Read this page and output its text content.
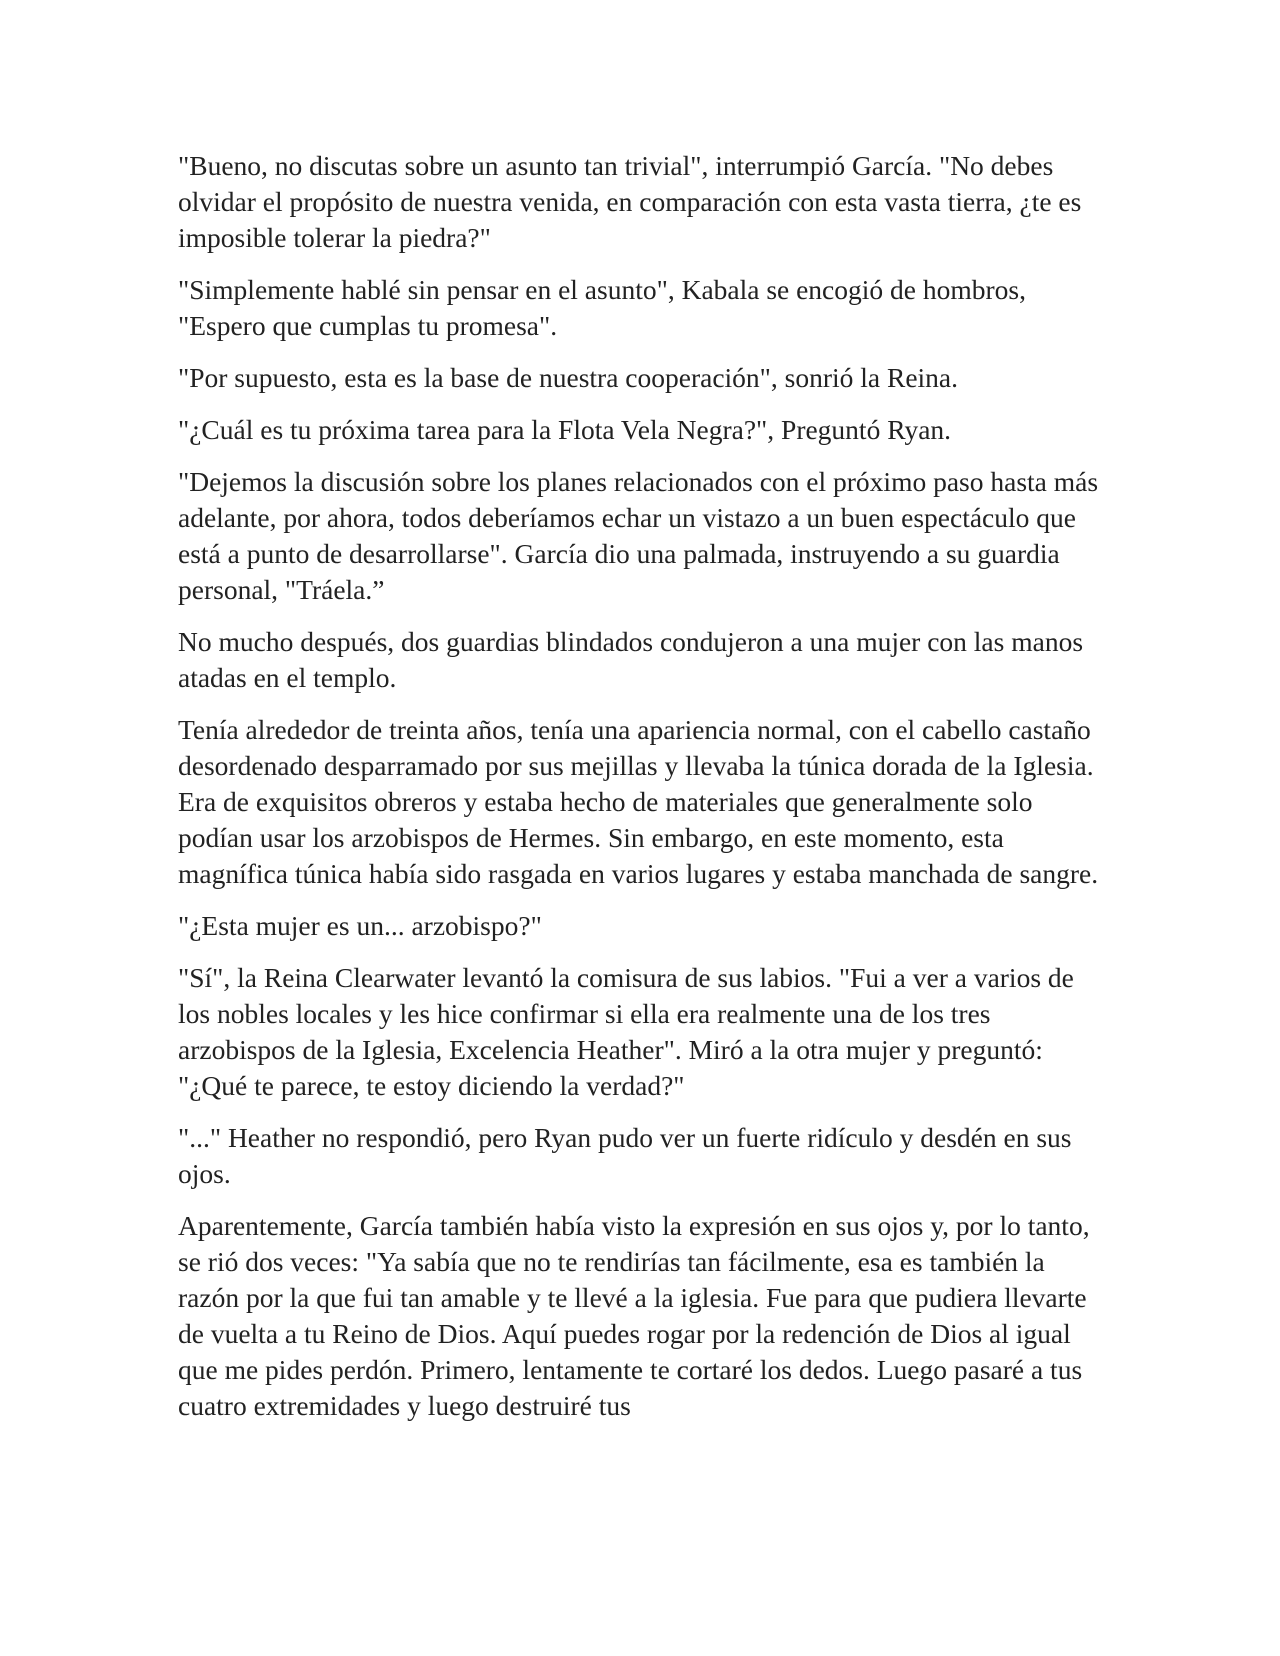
"Bueno, no discutas sobre un asunto tan trivial", interrumpió García. "No debes olvidar el propósito de nuestra venida, en comparación con esta vasta tierra, ¿te es imposible tolerar la piedra?"

"Simplemente hablé sin pensar en el asunto", Kabala se encogió de hombros, "Espero que cumplas tu promesa".

"Por supuesto, esta es la base de nuestra cooperación", sonrió la Reina.

"¿Cuál es tu próxima tarea para la Flota Vela Negra?", Preguntó Ryan.

"Dejemos la discusión sobre los planes relacionados con el próximo paso hasta más adelante, por ahora, todos deberíamos echar un vistazo a un buen espectáculo que está a punto de desarrollarse". García dio una palmada, instruyendo a su guardia personal, "Tráela.”

No mucho después, dos guardias blindados condujeron a una mujer con las manos atadas en el templo.

Tenía alrededor de treinta años, tenía una apariencia normal, con el cabello castaño desordenado desparramado por sus mejillas y llevaba la túnica dorada de la Iglesia. Era de exquisitos obreros y estaba hecho de materiales que generalmente solo podían usar los arzobispos de Hermes. Sin embargo, en este momento, esta magnífica túnica había sido rasgada en varios lugares y estaba manchada de sangre.

"¿Esta mujer es un... arzobispo?"

"Sí", la Reina Clearwater levantó la comisura de sus labios. "Fui a ver a varios de los nobles locales y les hice confirmar si ella era realmente una de los tres arzobispos de la Iglesia, Excelencia Heather". Miró a la otra mujer y preguntó: "¿Qué te parece, te estoy diciendo la verdad?"

"..." Heather no respondió, pero Ryan pudo ver un fuerte ridículo y desdén en sus ojos.

Aparentemente, García también había visto la expresión en sus ojos y, por lo tanto, se rió dos veces: "Ya sabía que no te rendirías tan fácilmente, esa es también la razón por la que fui tan amable y te llevé a la iglesia. Fue para que pudiera llevarte de vuelta a tu Reino de Dios. Aquí puedes rogar por la redención de Dios al igual que me pides perdón. Primero, lentamente te cortaré los dedos. Luego pasaré a tus cuatro extremidades y luego destruiré tus
